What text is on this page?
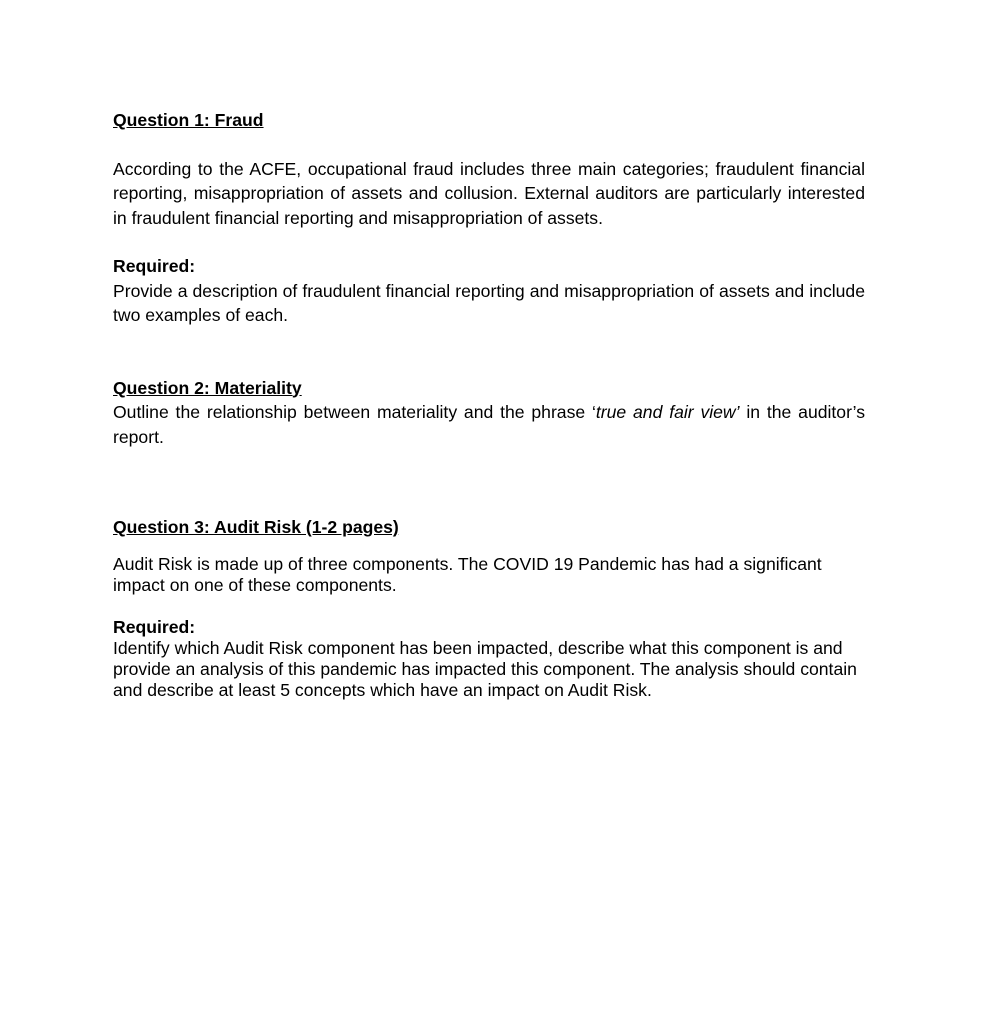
Question 1: Fraud

According to the ACFE, occupational fraud includes three main categories; fraudulent financial reporting, misappropriation of assets and collusion. External auditors are particularly interested in fraudulent financial reporting and misappropriation of assets.

Required:

Provide a description of fraudulent financial reporting and misappropriation of assets and include two examples of each.

Question 2: Materiality

Outline the relationship between materiality and the phrase ‘true and fair view’ in the auditor’s report.

Question 3: Audit Risk (1-2 pages)

Audit Risk is made up of three components. The COVID 19 Pandemic has had a significant impact on one of these components.

Required:

Identify which Audit Risk component has been impacted, describe what this component is and provide an analysis of this pandemic has impacted this component. The analysis should contain and describe at least 5 concepts which have an impact on Audit Risk.
